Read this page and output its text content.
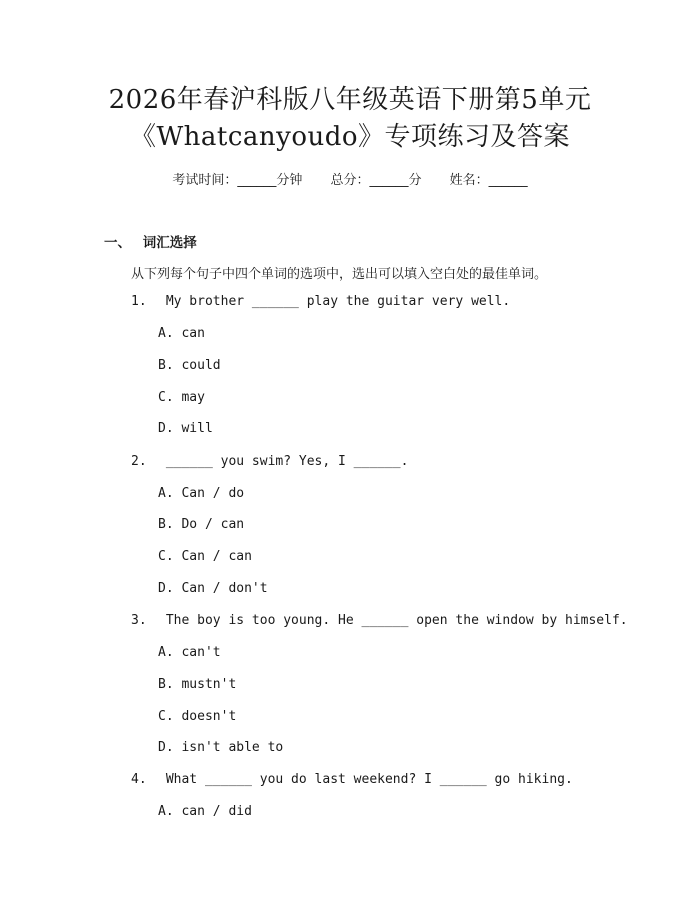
2026年春沪科版八年级英语下册第5单元
《Whatcanyoudo》专项练习及答案
考试时间：______分钟 总分：______分 姓名：______
一、 词汇选择
从下列每个句子中四个单词的选项中，选出可以填入空白处的最佳单词。
1. My brother ______ play the guitar very well.
A. can
B. could
C. may
D. will
2. ______ you swim? Yes, I ______.
A. Can / do
B. Do / can
C. Can / can
D. Can / don't
3. The boy is too young. He ______ open the window by himself.
A. can't
B. mustn't
C. doesn't
D. isn't able to
4. What ______ you do last weekend? I ______ go hiking.
A. can / did
